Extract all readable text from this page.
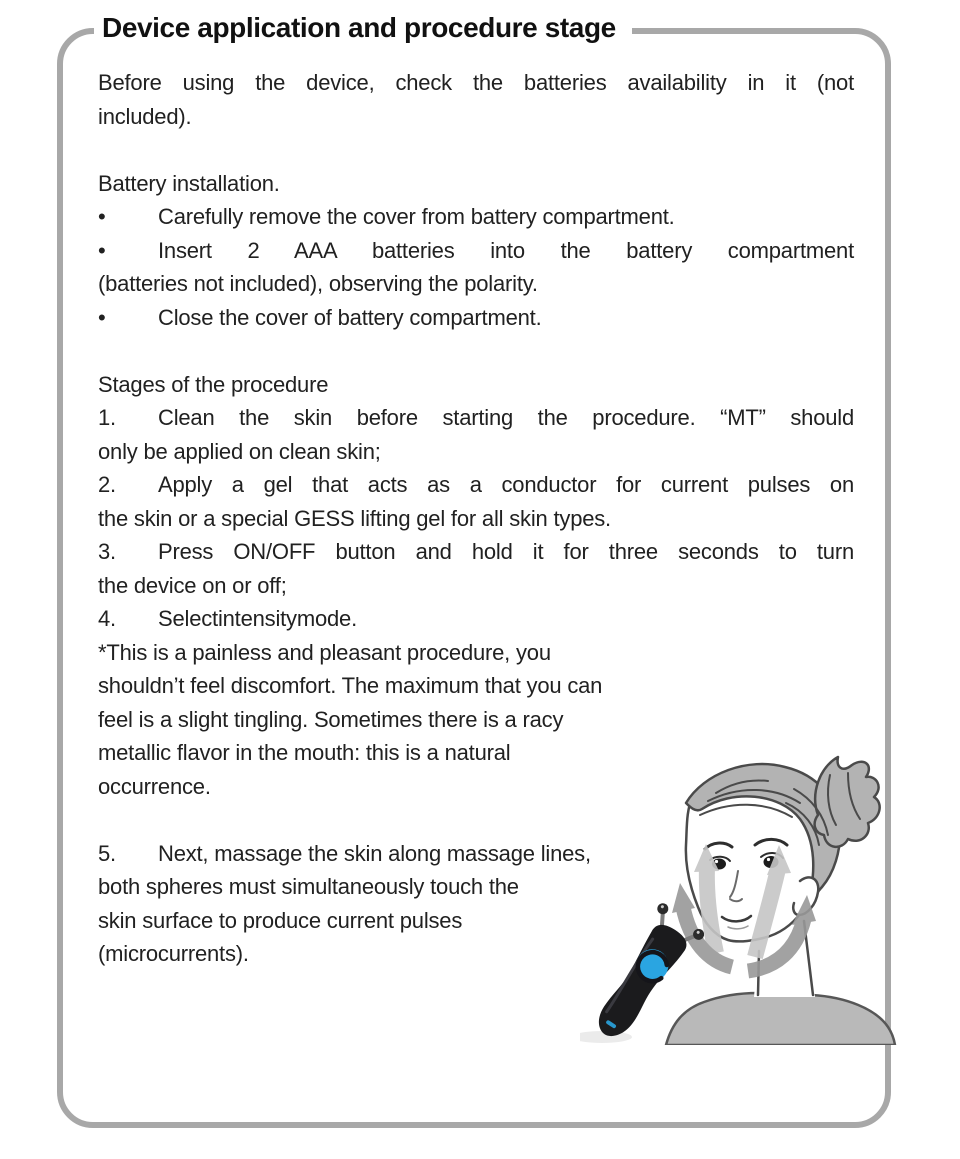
Device application and procedure stage
Before using the device, check the batteries availability in it (not
included).
Battery installation.
•	Carefully remove the cover from battery compartment.
•	Insert 2 AAA batteries into the battery compartment
(batteries not included), observing the polarity.
•	Close the cover of battery compartment.
Stages of the procedure
1.	Clean the skin before starting the procedure. “MT” should
only be applied on clean skin;
2.	Apply a gel that acts as a conductor for current pulses on
the skin or a special GESS lifting gel for all skin types.
3.	Press ON/OFF button and hold it for three seconds to turn
the device on or off;
4.	Selectintensitymode.
*This is a painless and pleasant procedure, you
shouldn’t feel discomfort. The maximum that you can
feel is a slight tingling. Sometimes there is a racy
metallic flavor in the mouth: this is a natural
occurrence.
5.	Next, massage the skin along massage lines,
both spheres must simultaneously touch the
skin surface to produce current pulses
(microcurrents).
